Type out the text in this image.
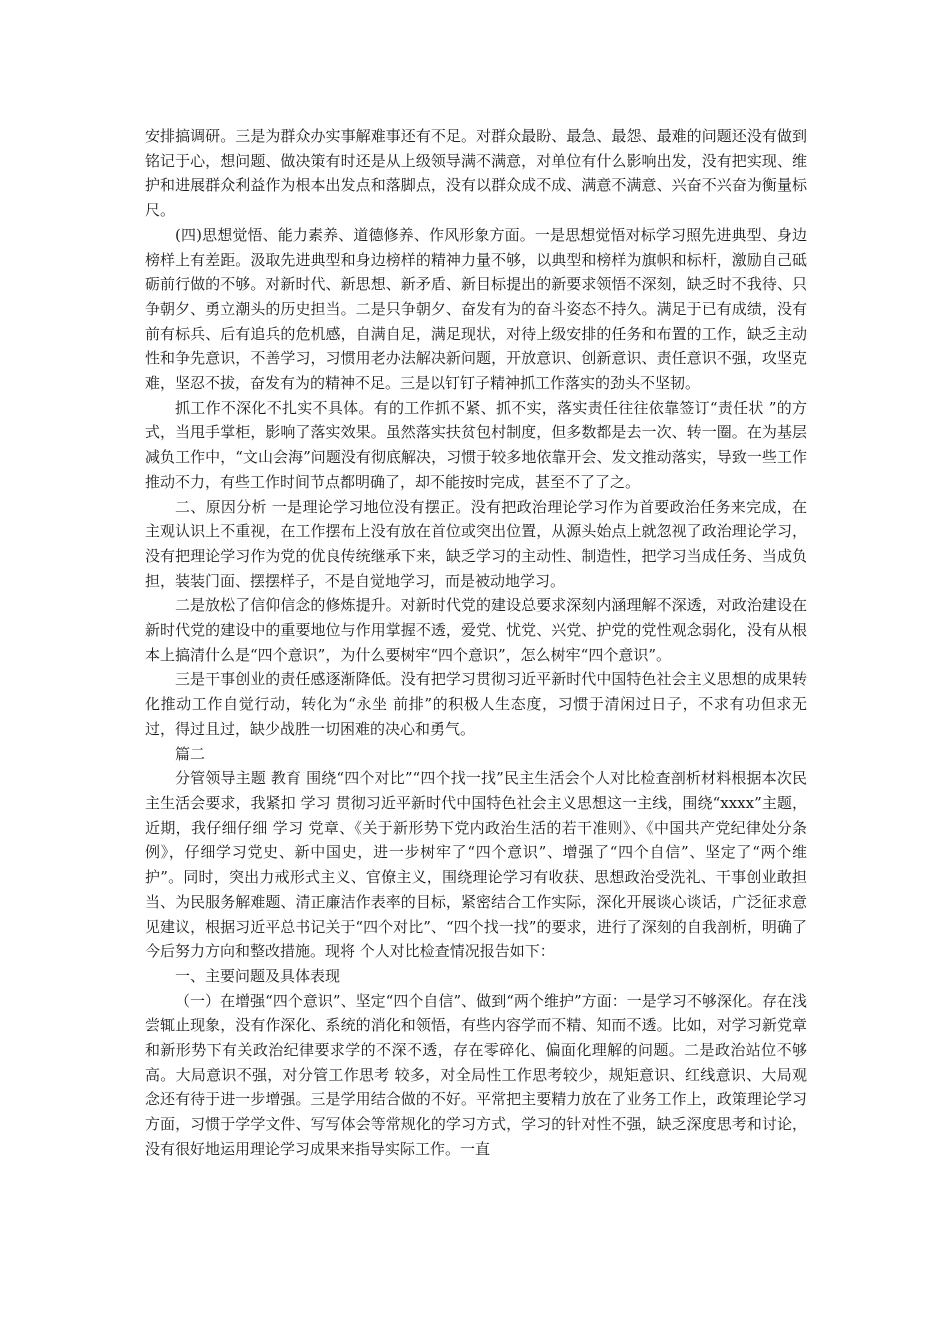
安排搞调研。三是为群众办实事解难事还有不足。对群众最盼、最急、最怨、最难的问题还没有做到铭记于心，想问题、做决策有时还是从上级领导满不满意，对单位有什么影响出发，没有把实现、维护和进展群众利益作为根本出发点和落脚点，没有以群众成不成、满意不满意、兴奋不兴奋为衡量标尺。

(四)思想觉悟、能力素养、道德修养、作风形象方面。一是思想觉悟对标学习照先进典型、身边榜样上有差距。汲取先进典型和身边榜样的精神力量不够，以典型和榜样为旗帜和标杆，激励自己砥砺前行做的不够。对新时代、新思想、新矛盾、新目标提出的新要求领悟不深刻，缺乏时不我待、只争朝夕、勇立潮头的历史担当。二是只争朝夕、奋发有为的奋斗姿态不持久。满足于已有成绩，没有前有标兵、后有追兵的危机感，自满自足，满足现状，对待上级安排的任务和布置的工作，缺乏主动性和争先意识，不善学习，习惯用老办法解决新问题，开放意识、创新意识、责任意识不强，攻坚克难，坚忍不拔，奋发有为的精神不足。三是以钉钉子精神抓工作落实的劲头不坚韧。

抓工作不深化不扎实不具体。有的工作抓不紧、抓不实，落实责任往往依靠签订“责任状 ”的方式，当甩手掌柜，影响了落实效果。虽然落实扶贫包村制度，但多数都是去一次、转一圈。在为基层减负工作中，“文山会海”问题没有彻底解决，习惯于较多地依靠开会、发文推动落实，导致一些工作推动不力，有些工作时间节点都明确了，却不能按时完成，甚至不了了之。

二、原因分析 一是理论学习地位没有摆正。没有把政治理论学习作为首要政治任务来完成，在主观认识上不重视，在工作摆布上没有放在首位或突出位置，从源头始点上就忽视了政治理论学习，没有把理论学习作为党的优良传统继承下来，缺乏学习的主动性、制造性，把学习当成任务、当成负担，装装门面、摆摆样子，不是自觉地学习，而是被动地学习。

二是放松了信仰信念的修炼提升。对新时代党的建设总要求深刻内涵理解不深透，对政治建设在新时代党的建设中的重要地位与作用掌握不透，爱党、忧党、兴党、护党的党性观念弱化，没有从根本上搞清什么是“四个意识”，为什么要树牢“四个意识”，怎么树牢“四个意识”。

三是干事创业的责任感逐渐降低。没有把学习贯彻习近平新时代中国特色社会主义思想的成果转化推动工作自觉行动，转化为“永坐 前排”的积极人生态度，习惯于清闲过日子，不求有功但求无过，得过且过，缺少战胜一切困难的决心和勇气。

篇二

分管领导主题 教育 围绕“四个对比”“四个找一找”民主生活会个人对比检查剖析材料根据本次民主生活会要求，我紧扣 学习 贯彻习近平新时代中国特色社会主义思想这一主线，围绕“xxxx”主题，近期，我仔细仔细 学习 党章、《关于新形势下党内政治生活的若干准则》、《中国共产党纪律处分条例》，仔细学习党史、新中国史，进一步树牢了“四个意识”、增强了“四个自信”、坚定了“两个维护”。同时，突出力戒形式主义、官僚主义，围绕理论学习有收获、思想政治受洗礼、干事创业敢担当、为民服务解难题、清正廉洁作表率的目标，紧密结合工作实际，深化开展谈心谈话，广泛征求意见建议，根据习近平总书记关于“四个对比”、“四个找一找”的要求，进行了深刻的自我剖析，明确了今后努力方向和整改措施。现将 个人对比检查情况报告如下：

一、主要问题及具体表现

（一）在增强“四个意识”、坚定“四个自信”、做到“两个维护”方面：一是学习不够深化。存在浅尝辄止现象，没有作深化、系统的消化和领悟，有些内容学而不精、知而不透。比如，对学习新党章和新形势下有关政治纪律要求学的不深不透，存在零碎化、偏面化理解的问题。二是政治站位不够高。大局意识不强，对分管工作思考 较多，对全局性工作思考较少，规矩意识、红线意识、大局观念还有待于进一步增强。三是学用结合做的不好。平常把主要精力放在了业务工作上，政策理论学习方面，习惯于学学文件、写写体会等常规化的学习方式，学习的针对性不强，缺乏深度思考和讨论，没有很好地运用理论学习成果来指导实际工作。一直
